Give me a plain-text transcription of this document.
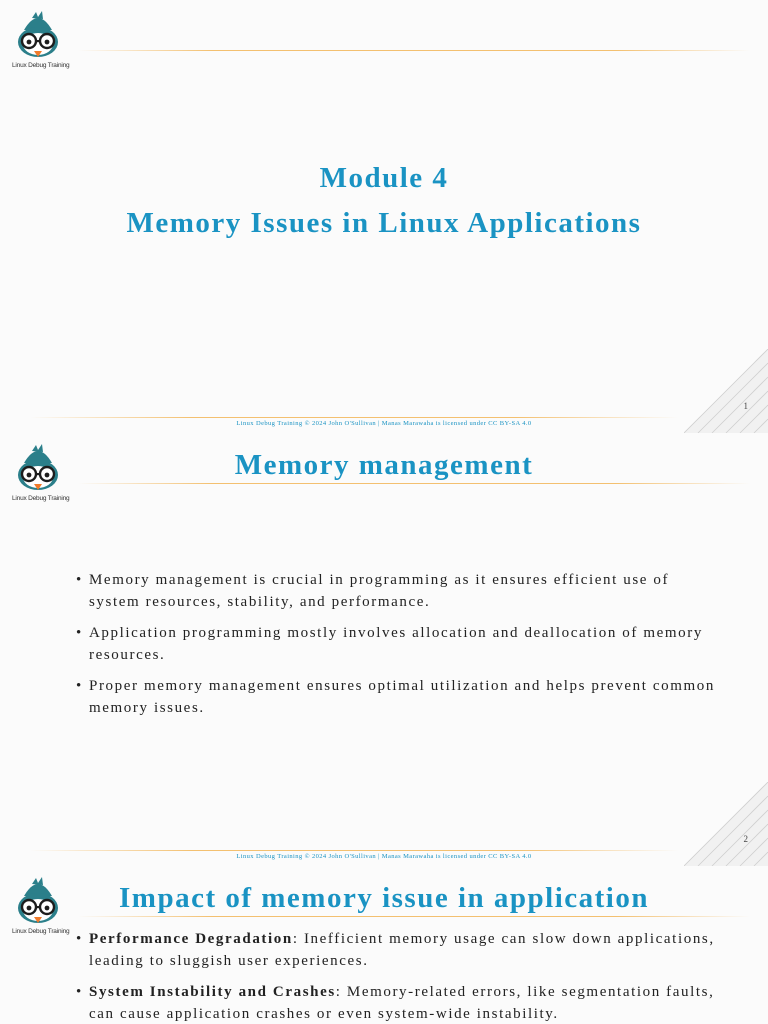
Linux Debug Training
Module 4
Memory Issues in Linux Applications
1
Linux Debug Training © 2024 John O'Sullivan | Manas Marawaha is licensed under CC BY-SA 4.0
Linux Debug Training
Memory management
• Memory management is crucial in programming as it ensures efficient use of system resources, stability, and performance.
• Application programming mostly involves allocation and deallocation of memory resources.
• Proper memory management ensures optimal utilization and helps prevent common memory issues.
2
Linux Debug Training © 2024 John O'Sullivan | Manas Marawaha is licensed under CC BY-SA 4.0
Linux Debug Training
Impact of memory issue in application
• Performance Degradation: Inefficient memory usage can slow down applications, leading to sluggish user experiences.
• System Instability and Crashes: Memory-related errors, like segmentation faults, can cause application crashes or even system-wide instability.
